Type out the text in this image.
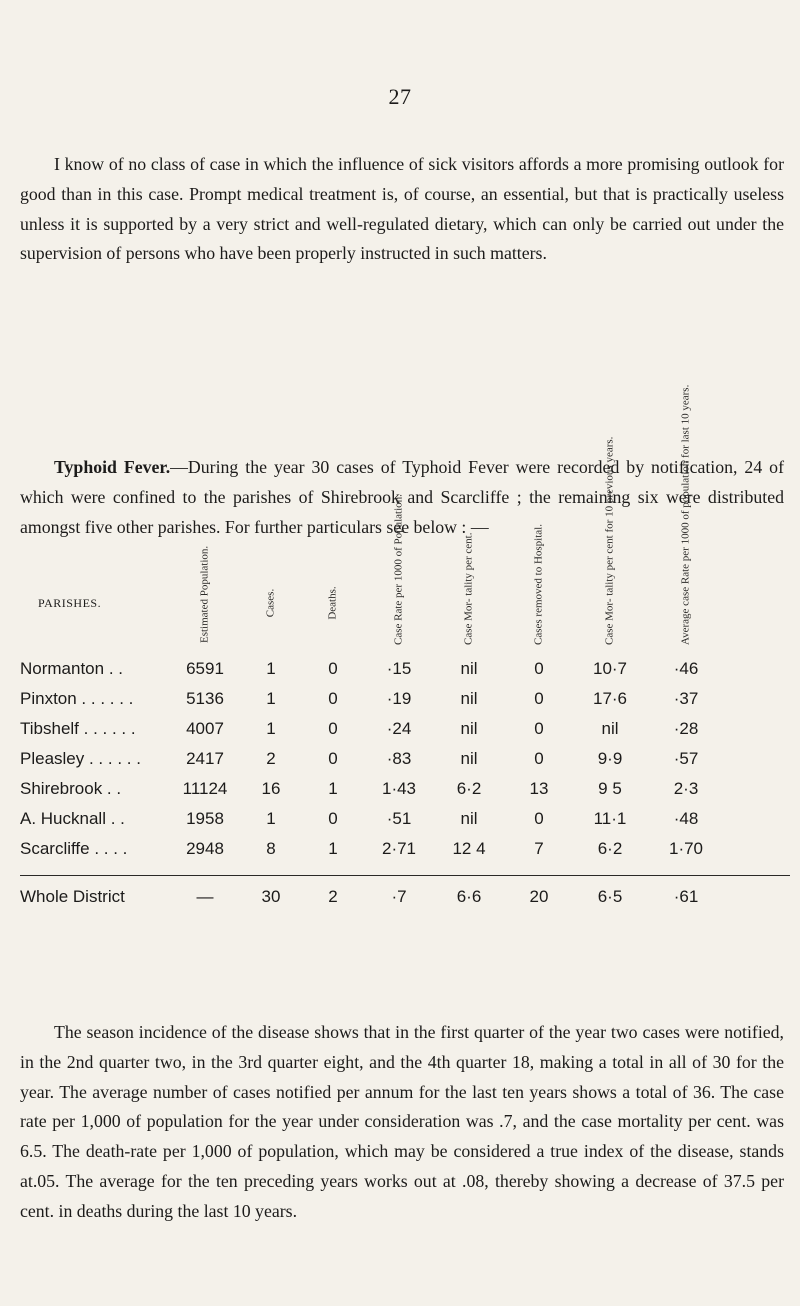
27

I know of no class of case in which the influence of sick visitors affords a more promising outlook for good than in this case. Prompt medical treatment is, of course, an essential, but that is practically useless unless it is supported by a very strict and well-regulated dietary, which can only be carried out under the supervision of persons who have been properly instructed in such matters.

Typhoid Fever.—During the year 30 cases of Typhoid Fever were recorded by notification, 24 of which were confined to the parishes of Shirebrook and Scarcliffe ; the remaining six were distributed amongst five other parishes. For further particulars see below : —

PARISHES.	Estimated Population.	Cases.	Deaths.	Case Rate per 1000 of Population.	Case Mor- tality per cent.	Cases removed to Hospital.	Case Mor- tality per cent for 10 previous years.	Average case Rate per 1000 of population for last 10 years.
Normanton . .	6591	1	0	·15	nil	0	10·7	·46
Pinxton . . . . . .	5136	1	0	·19	nil	0	17·6	·37
Tibshelf . . . . . .	4007	1	0	·24	nil	0	nil	·28
Pleasley . . . . . .	2417	2	0	·83	nil	0	9·9	·57
Shirebrook . .	11124	16	1	1·43	6·2	13	9 5	2·3
A. Hucknall . .	1958	1	0	·51	nil	0	11·1	·48
Scarcliffe . . . .	2948	8	1	2·71	12 4	7	6·2	1·70
Whole District	—	30	2	·7	6·6	20	6·5	·61

The season incidence of the disease shows that in the first quarter of the year two cases were notified, in the 2nd quarter two, in the 3rd quarter eight, and the 4th quarter 18, making a total in all of 30 for the year. The average number of cases notified per annum for the last ten years shows a total of 36. The case rate per 1,000 of population for the year under consideration was .7, and the case mortality per cent. was 6.5. The death-rate per 1,000 of population, which may be considered a true index of the disease, stands at.05. The average for the ten preceding years works out at .08, thereby showing a decrease of 37.5 per cent. in deaths during the last 10 years.
